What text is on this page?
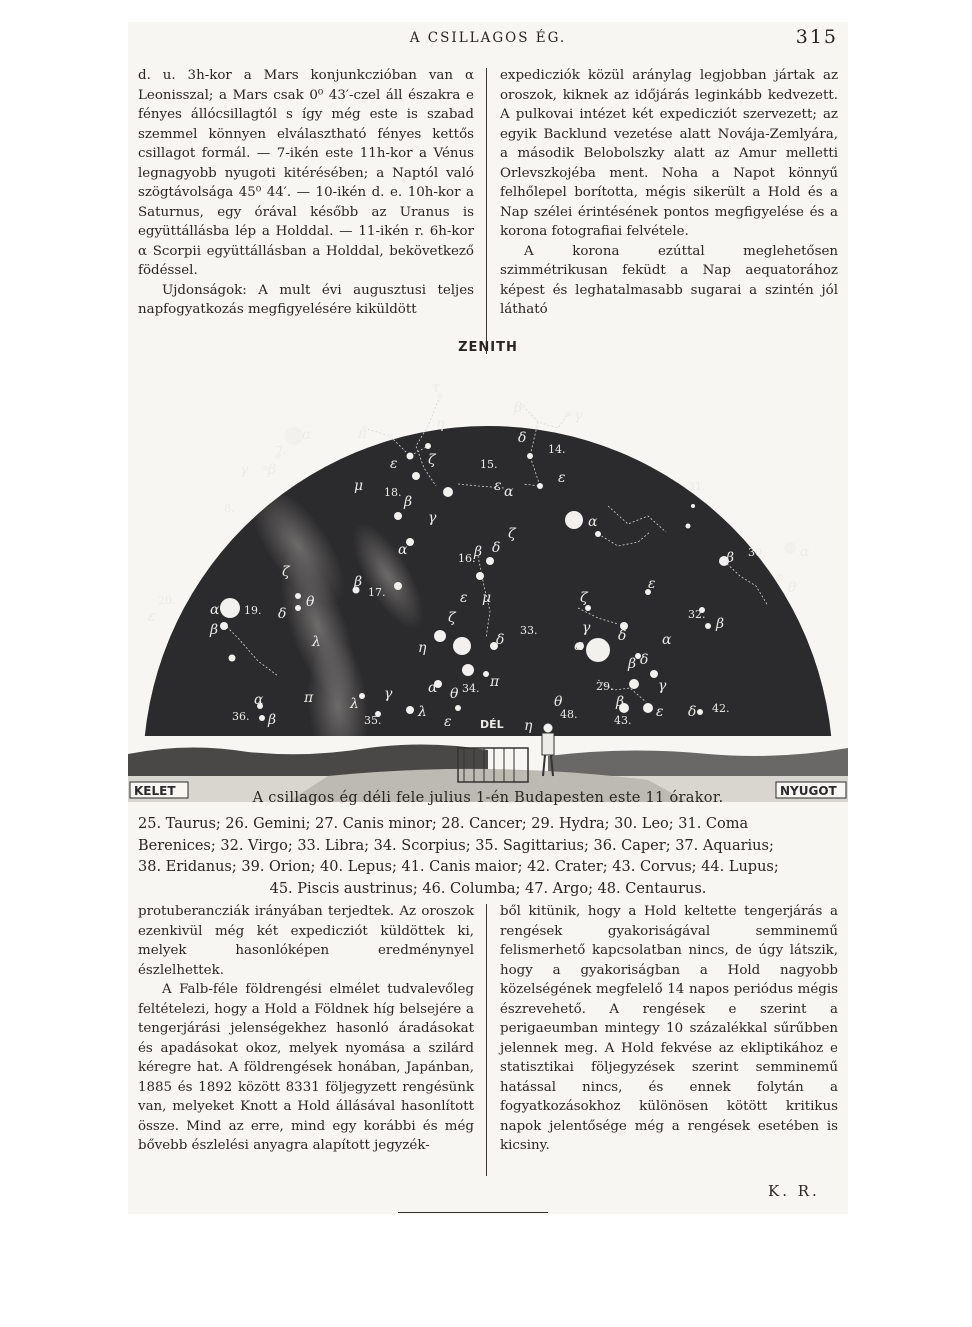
A CSILLAGOS ÉG.	315

d. u. 3h-kor a Mars konjunkczióban van α Leonisszal; a Mars csak 0⁰ 43′-czel áll északra e fényes állócsillagtól s így még este is szabad szemmel könnyen elválasztható fényes kettős csillagot formál. — 7-ikén este 11h-kor a Vénus legnagyobb nyugoti kitérésében; a Naptól való szögtávolsága 45⁰ 44′. — 10-ikén d. e. 10h-kor a Saturnus, egy órával később az Uranus is együttállásba lép a Holddal. — 11-ikén r. 6h-kor α Scorpii együttállásban a Holddal, bekövetkező födéssel.

Ujdonságok: A mult évi augusztusi teljes napfogyatkozás megfigyelésére kiküldött

expedicziók közül aránylag legjobban jártak az oroszok, kiknek az időjárás leginkább kedvezett. A pulkovai intézet két expedicziót szervezett; az egyik Backlund vezetése alatt Novája-Zemlyára, a második Belobolszky alatt az Amur melletti Orlevszkojéba ment. Noha a Napot könnyű felhőlepel borította, mégis sikerült a Hold és a Nap szélei érintésének pontos megfigyelése és a korona fotografiai felvétele.

A korona ezúttal meglehetősen szimmétrikusan feküdt a Nap aequatorához képest és leghatalmasabb sugarai a szintén jól látható

ZENITH
τ
α
β
π
η
ε ζ
μ
β	γ
δ
ε α
ε
α
ζ
β δ
α
β
γ
β
ζ
θ
α
β
ε	δ
λ	η
ζ
ε μ
δ
α	π
α
δ
β
ζ
ε
γ
β	α
θ
β
δ
γ
β
ε
α
δ
λ
γ
λ
θ
ε
π
α
β
γ
θ
η
15.
14.
16.
17.
18.
19.
20.
29.
30.
31.
32.
33.
34.
35.
36.
42.
43.
48.
7.
8.
KELET	NYUGOT
DÉL
A csillagos ég déli fele julius 1-én Budapesten este 11 órakor.
25. Taurus; 26. Gemini; 27. Canis minor; 28. Cancer; 29. Hydra; 30. Leo; 31. Coma
Berenices; 32. Virgo; 33. Libra; 34. Scorpius; 35. Sagittarius; 36. Caper; 37. Aquarius;
38. Eridanus; 39. Orion; 40. Lepus; 41. Canis maior; 42. Crater; 43. Corvus; 44. Lupus;
45. Piscis austrinus; 46. Columba; 47. Argo; 48. Centaurus.

protuberancziák irányában terjedtek. Az oroszok ezenkivül még két expedicziót küldöttek ki, melyek hasonlóképen eredménynyel észlelhettek.

A Falb-féle földrengési elmélet tudvalevőleg feltételezi, hogy a Hold a Földnek híg belsejére a tengerjárási jelenségekhez hasonló áradásokat és apadásokat okoz, melyek nyomása a szilárd kéregre hat. A földrengések honában, Japánban, 1885 és 1892 között 8331 följegyzett rengésünk van, melyeket Knott a Hold állásával hasonlított össze. Mind az erre, mind egy korábbi és még bővebb észlelési anyagra alapított jegyzék-

ből kitünik, hogy a Hold keltette tengerjárás a rengések gyakoriságával semminemű felismerhető kapcsolatban nincs, de úgy látszik, hogy a gyakoriságban a Hold nagyobb közelségének megfelelő 14 napos periódus mégis észrevehető. A rengések e szerint a perigaeumban mintegy 10 százalékkal sűrűbben jelennek meg. A Hold fekvése az ekliptikához e statisztikai följegyzések szerint semminemű hatással nincs, és ennek folytán a fogyatkozásokhoz különösen kötött kritikus napok jelentősége még a rengések esetében is kicsiny.

K. R.
